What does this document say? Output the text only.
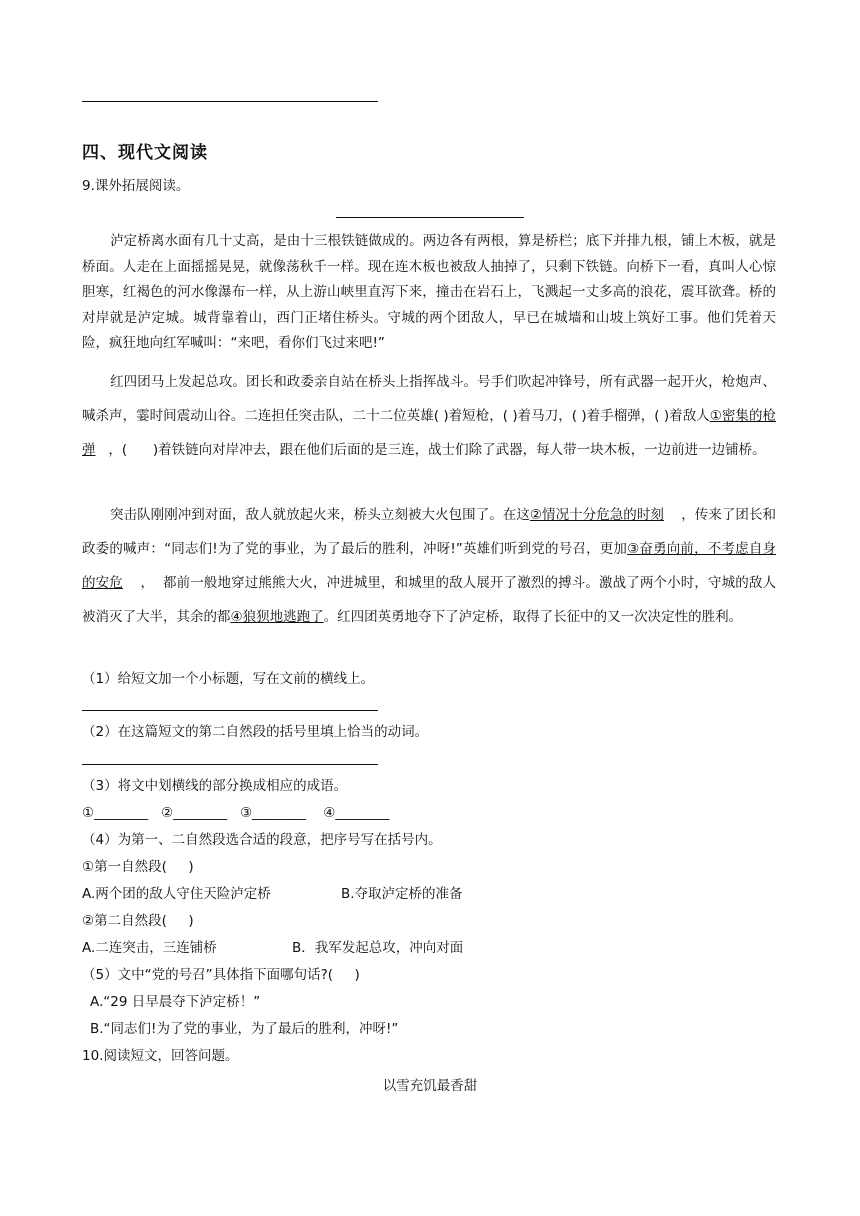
四、现代文阅读
9.课外拓展阅读。
泸定桥离水面有几十丈高，是由十三根铁链做成的。两边各有两根，算是桥栏；底下并排九根，铺上木板，就是桥面。人走在上面摇摇晃晃，就像荡秋千一样。现在连木板也被敌人抽掉了，只剩下铁链。向桥下一看，真叫人心惊胆寒，红褐色的河水像瀑布一样，从上游山峡里直泻下来，撞击在岩石上，飞溅起一丈多高的浪花，震耳欲聋。桥的对岸就是泸定城。城背靠着山，西门正堵住桥头。守城的两个团敌人，早已在城墙和山坡上筑好工事。他们凭着天险，疯狂地向红军喊叫：“来吧，看你们飞过来吧!”
红四团马上发起总攻。团长和政委亲自站在桥头上指挥战斗。号手们吹起冲锋号，所有武器一起开火，枪炮声、喊杀声，霎时间震动山谷。二连担任突击队，二十二位英雄( )着短枪，( )着马刀，( )着手榴弹，( )着敌人①密集的枪弹   ，(      )着铁链向对岸冲去，跟在他们后面的是三连，战士们除了武器，每人带一块木板，一边前进一边铺桥。
突击队刚刚冲到对面，敌人就放起火来，桥头立刻被大火包围了。在这②情况十分危急的时刻    ，传来了团长和政委的喊声：“同志们!为了党的事业，为了最后的胜利，冲呀!”英雄们听到党的号召，更加③奋勇向前，不考虑自身的安危    ，  都前一般地穿过熊熊大火，冲进城里，和城里的敌人展开了激烈的搏斗。激战了两个小时，守城的敌人被消灭了大半，其余的都④狼狈地逃跑了。红四团英勇地夺下了泸定桥，取得了长征中的又一次决定性的胜利。
（1）给短文加一个小标题，写在文前的横线上。
（2）在这篇短文的第二自然段的括号里填上恰当的动词。
（3）将文中划横线的部分换成相应的成语。
①________   ②________   ③________    ④________
（4）为第一、二自然段选合适的段意，把序号写在括号内。
①第一自然段(     )
A.两个团的敌人守住天险泸定桥	B.夺取泸定桥的准备
②第二自然段(     )
A.二连突击，三连铺桥	B．我军发起总攻，冲向对面
（5）文中“党的号召”具体指下面哪句话?(     )
A.“29 日早晨夺下泸定桥！”
B.“同志们!为了党的事业，为了最后的胜利，冲呀!”
10.阅读短文，回答问题。
以雪充饥最香甜
